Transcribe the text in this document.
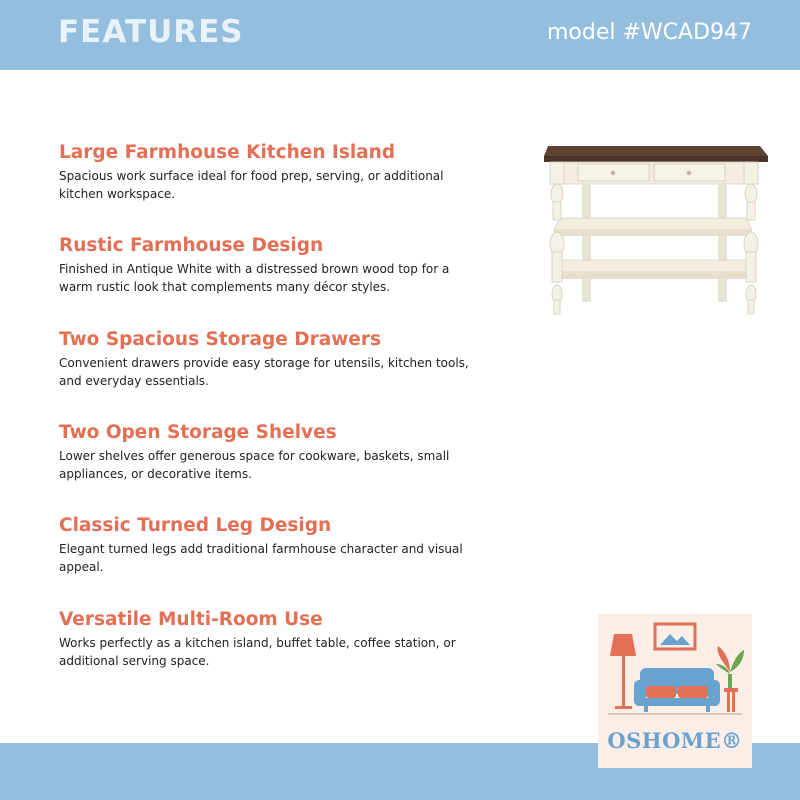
FEATURES	model #WCAD947
Large Farmhouse Kitchen Island

Spacious work surface ideal for food prep, serving, or additional
kitchen workspace.

Rustic Farmhouse Design

Finished in Antique White with a distressed brown wood top for a
warm rustic look that complements many décor styles.

Two Spacious Storage Drawers

Convenient drawers provide easy storage for utensils, kitchen tools,
and everyday essentials.

Two Open Storage Shelves

Lower shelves offer generous space for cookware, baskets, small
appliances, or decorative items.

Classic Turned Leg Design

Elegant turned legs add traditional farmhouse character and visual
appeal.

Versatile Multi-Room Use

Works perfectly as a kitchen island, buffet table, coffee station, or
additional serving space.

OSHOME®
